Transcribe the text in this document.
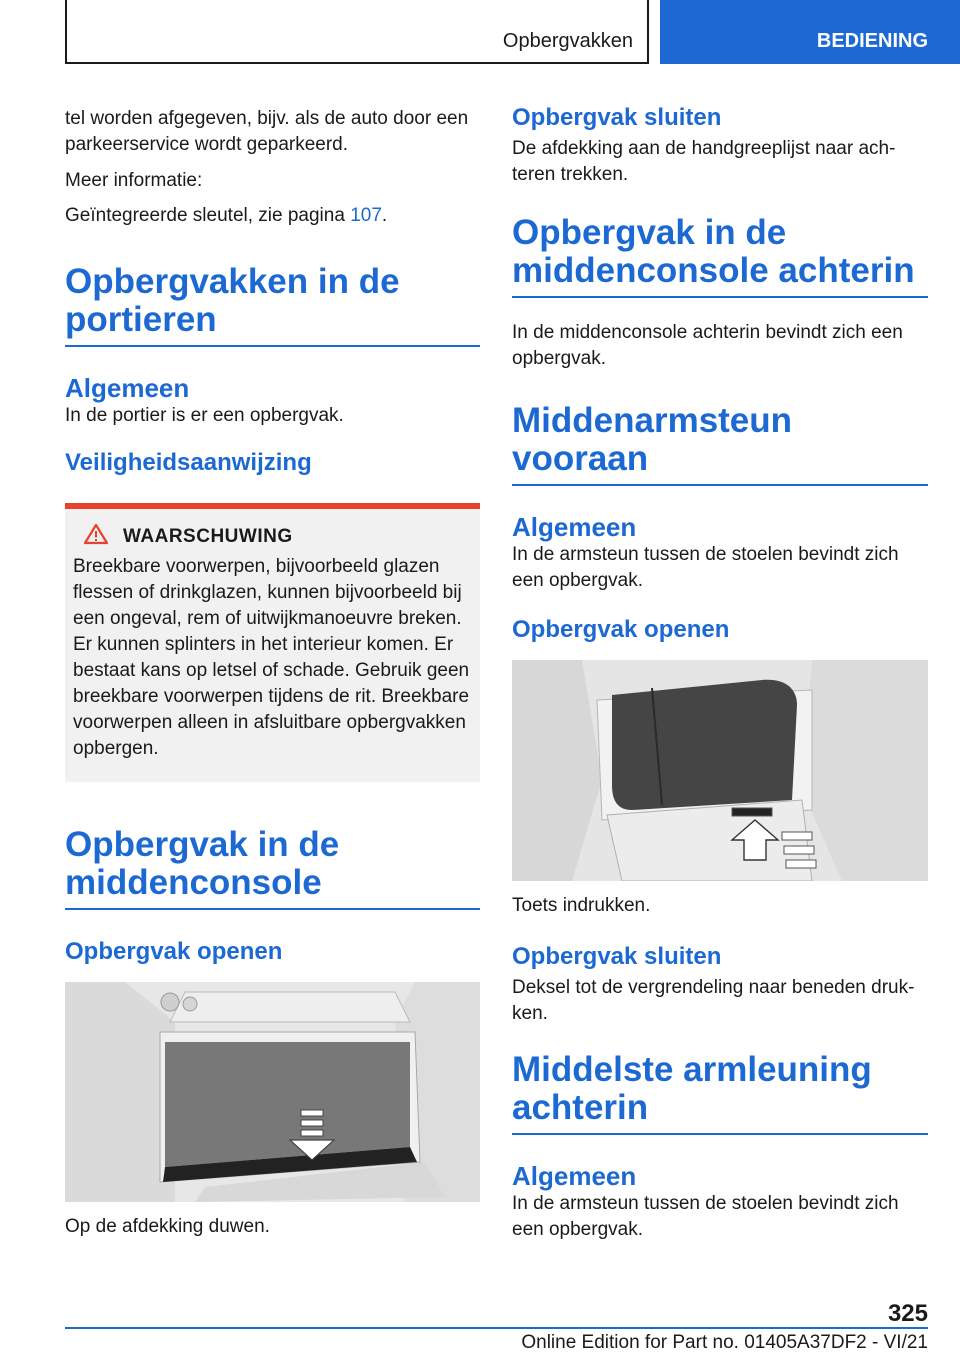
Opbergvakken	BEDIENING

tel worden afgegeven, bijv. als de auto door een parkeerservice wordt geparkeerd.

Meer informatie:

Geïntegreerde sleutel, zie pagina 107.

Opbergvakken in de portieren
Algemeen

In de portier is er een opbergvak.

Veiligheidsaanwijzing
WAARSCHUWING

Breekbare voorwerpen, bijvoorbeeld glazen flessen of drinkglazen, kunnen bijvoorbeeld bij een ongeval, rem of uitwijkmanoeuvre breken. Er kunnen splinters in het interieur komen. Er bestaat kans op letsel of schade. Gebruik geen breekbare voorwerpen tijdens de rit. Breekbare voorwerpen alleen in afsluitbare opbergvakken opbergen.

Opbergvak in de middenconsole
Opbergvak openen

Op de afdekking duwen.

Opbergvak sluiten

De afdekking aan de handgreeplijst naar achteren trekken.

Opbergvak in de middenconsole achterin

In de middenconsole achterin bevindt zich een opbergvak.

Middenarmsteun vooraan
Algemeen

In de armsteun tussen de stoelen bevindt zich een opbergvak.

Opbergvak openen

Toets indrukken.

Opbergvak sluiten

Deksel tot de vergrendeling naar beneden drukken.

Middelste armleuning achterin
Algemeen

In de armsteun tussen de stoelen bevindt zich een opbergvak.

325
Online Edition for Part no. 01405A37DF2 - VI/21
